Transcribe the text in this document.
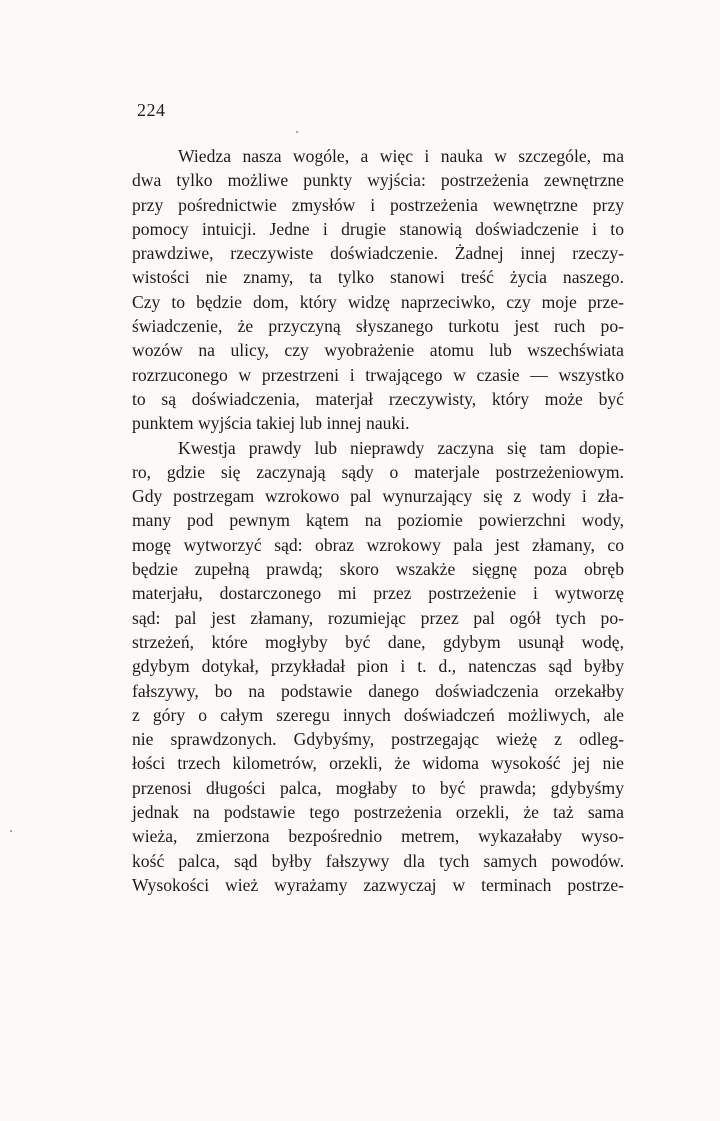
224
Wiedza nasza wogóle, a więc i nauka w szczególe, ma
dwa tylko możliwe punkty wyjścia: postrzeżenia zewnętrzne
przy pośrednictwie zmysłów i postrzeżenia wewnętrzne przy
pomocy intuicji. Jedne i drugie stanowią doświadczenie i to
prawdziwe, rzeczywiste doświadczenie. Żadnej innej rzeczy-
wistości nie znamy, ta tylko stanowi treść życia naszego.
Czy to będzie dom, który widzę naprzeciwko, czy moje prze-
świadczenie, że przyczyną słyszanego turkotu jest ruch po-
wozów na ulicy, czy wyobrażenie atomu lub wszechświata
rozrzuconego w przestrzeni i trwającego w czasie — wszystko
to są doświadczenia, materjał rzeczywisty, który może być
punktem wyjścia takiej lub innej nauki.
Kwestja prawdy lub nieprawdy zaczyna się tam dopie-
ro, gdzie się zaczynają sądy o materjale postrzeżeniowym.
Gdy postrzegam wzrokowo pal wynurzający się z wody i zła-
many pod pewnym kątem na poziomie powierzchni wody,
mogę wytworzyć sąd: obraz wzrokowy pala jest złamany, co
będzie zupełną prawdą; skoro wszakże sięgnę poza obręb
materjału, dostarczonego mi przez postrzeżenie i wytworzę
sąd: pal jest złamany, rozumiejąc przez pal ogół tych po-
strzeżeń, które mogłyby być dane, gdybym usunął wodę,
gdybym dotykał, przykładał pion i t. d., natenczas sąd byłby
fałszywy, bo na podstawie danego doświadczenia orzekałby
z góry o całym szeregu innych doświadczeń możliwych, ale
nie sprawdzonych. Gdybyśmy, postrzegając wieżę z odleg-
łości trzech kilometrów, orzekli, że widoma wysokość jej nie
przenosi długości palca, mogłaby to być prawda; gdybyśmy
jednak na podstawie tego postrzeżenia orzekli, że taż sama
wieża, zmierzona bezpośrednio metrem, wykazałaby wyso-
kość palca, sąd byłby fałszywy dla tych samych powodów.
Wysokości wież wyrażamy zazwyczaj w terminach postrze-
